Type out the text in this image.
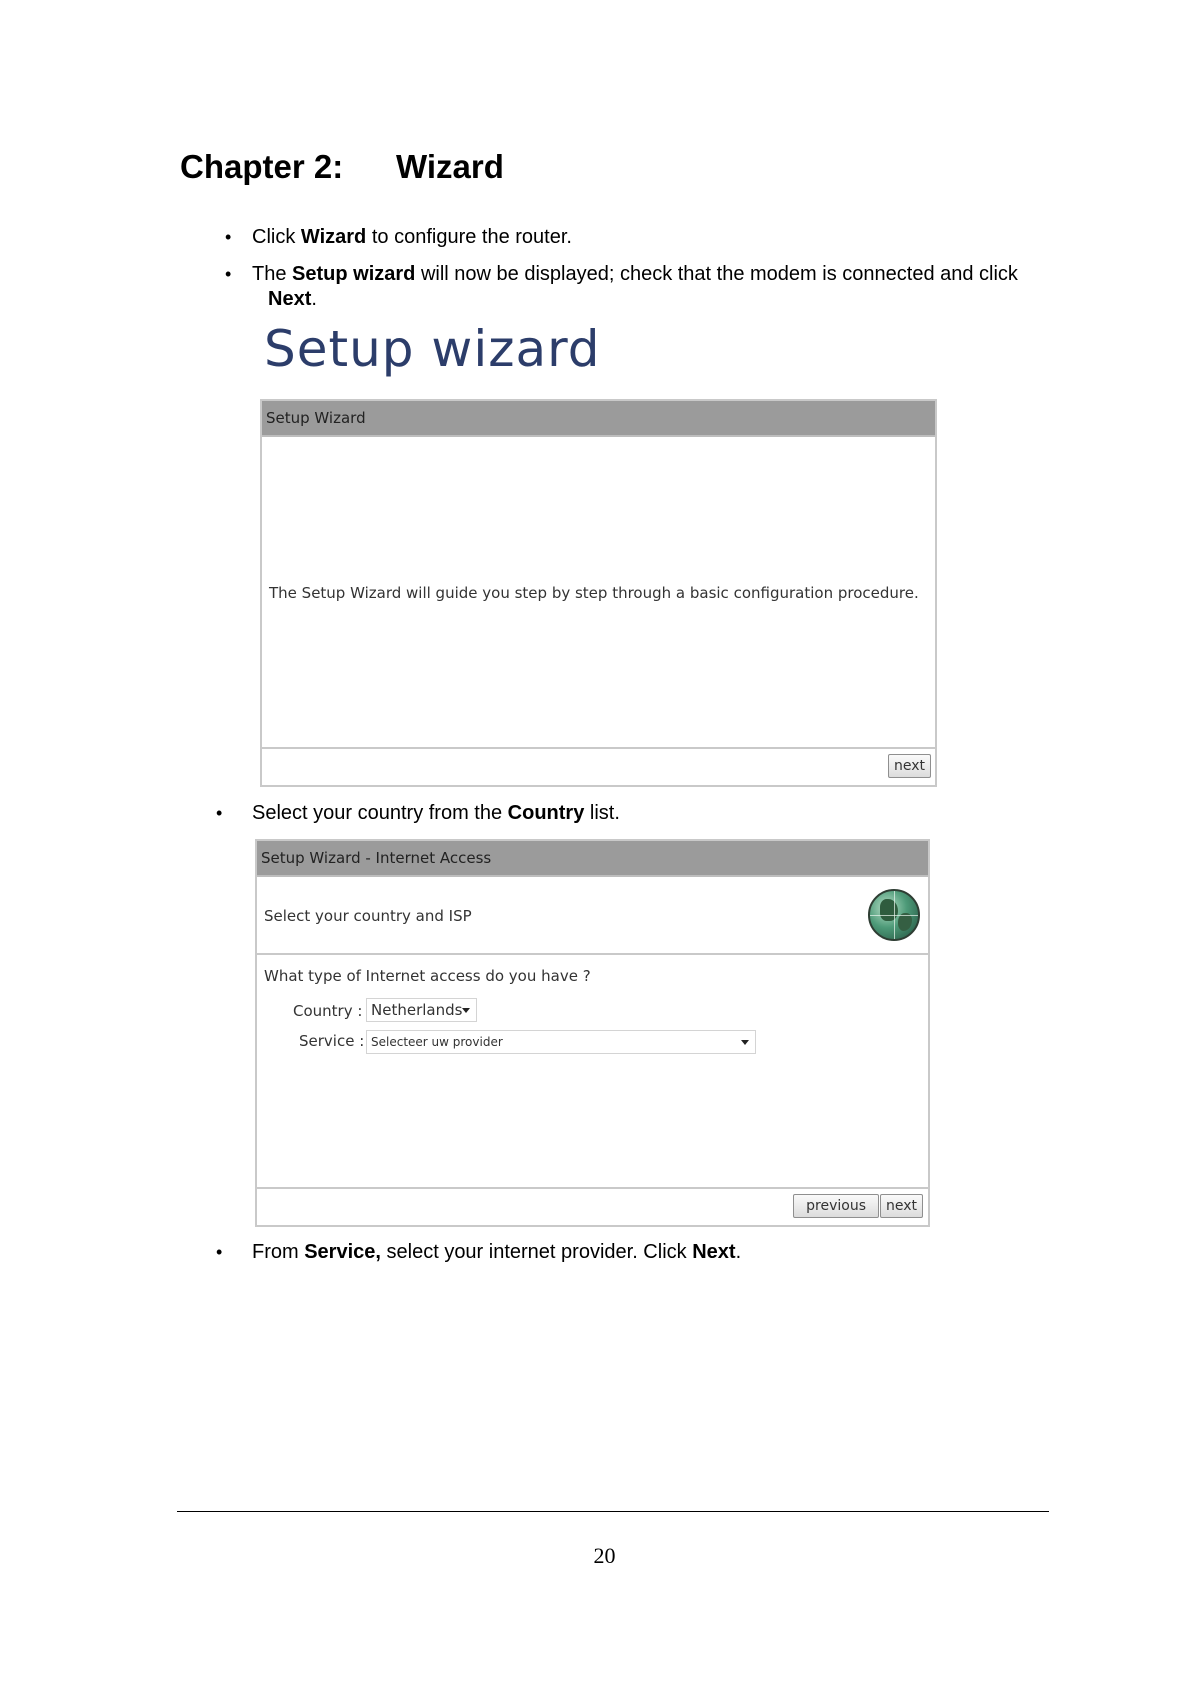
Chapter 2: Wizard
• Click Wizard to configure the router.
• The Setup wizard will now be displayed; check that the modem is connected and click
Next.
Setup wizard
Setup Wizard
The Setup Wizard will guide you step by step through a basic configuration procedure.
next
• Select your country from the Country list.
Setup Wizard - Internet Access
Select your country and ISP
What type of Internet access do you have ?
Country : Netherlands
Service : Selecteer uw provider
previous	next
• From Service, select your internet provider. Click Next.
20
